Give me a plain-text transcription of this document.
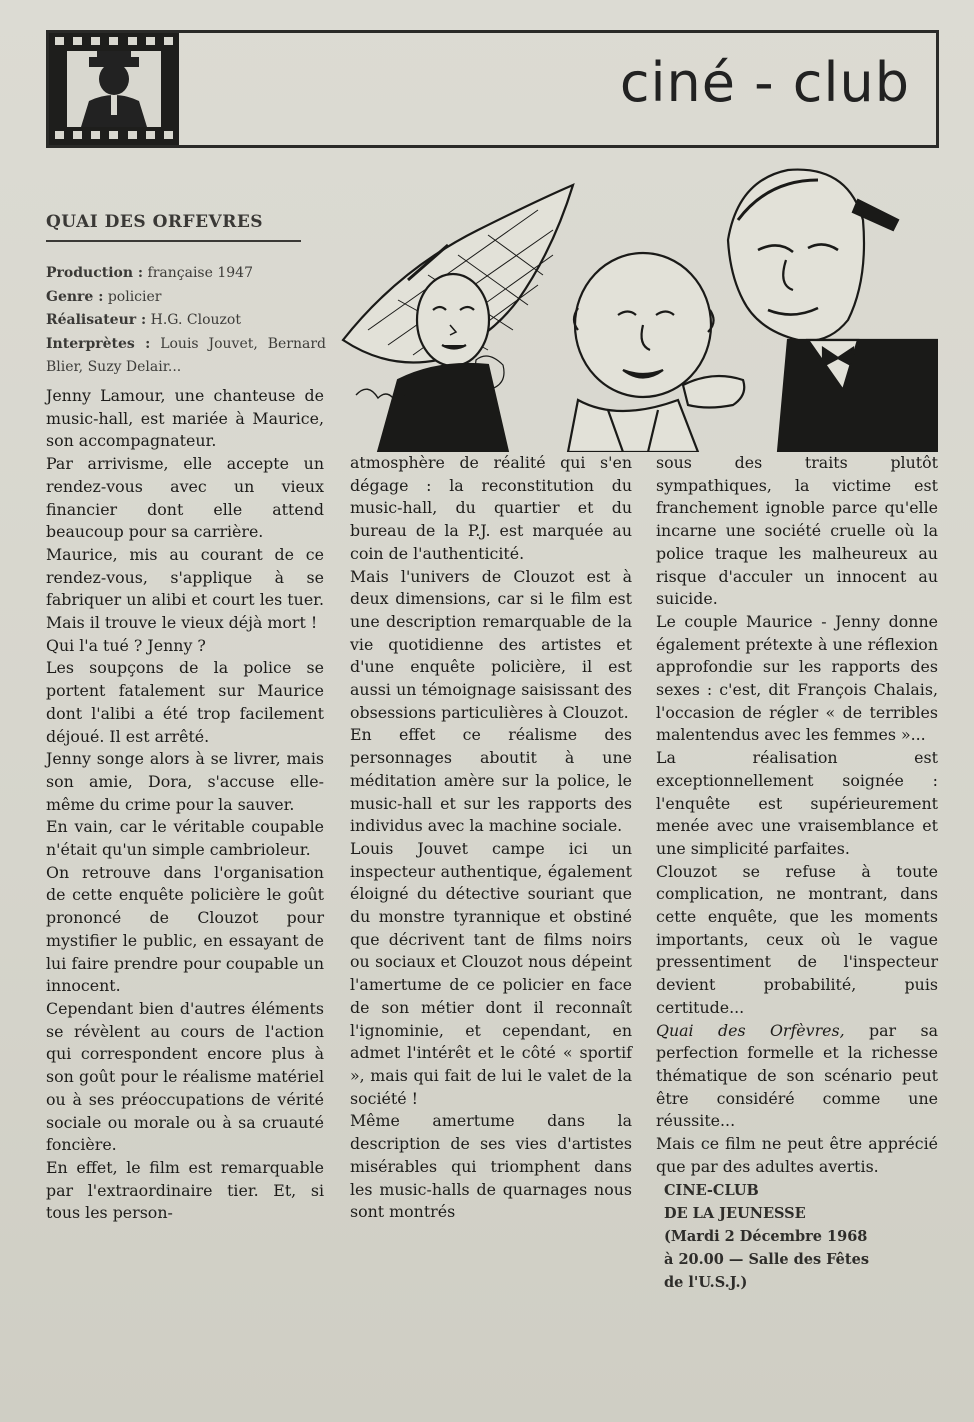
ciné - club
QUAI DES ORFEVRES
Production : française 1947
Genre : policier
Réalisateur : H.G. Clouzot
Interprètes : Louis Jouvet, Bernard Blier, Suzy Delair...

Jenny Lamour, une chanteuse de music-hall, est mariée à Maurice, son accompagnateur.

Par arrivisme, elle accepte un rendez-vous avec un vieux financier dont elle attend beaucoup pour sa carrière.

Maurice, mis au courant de ce rendez-vous, s'applique à se fabriquer un alibi et court les tuer. Mais il trouve le vieux déjà mort !

Qui l'a tué ? Jenny ?

Les soupçons de la police se portent fatalement sur Maurice dont l'alibi a été trop facilement déjoué. Il est arrêté.

Jenny songe alors à se livrer, mais son amie, Dora, s'accuse elle-même du crime pour la sauver.

En vain, car le véritable coupable n'était qu'un simple cambrioleur.

On retrouve dans l'organisation de cette enquête policière le goût prononcé de Clouzot pour mystifier le public, en essayant de lui faire prendre pour coupable un innocent.

Cependant bien d'autres éléments se révèlent au cours de l'action qui correspondent encore plus à son goût pour le réalisme matériel ou à ses préoccupations de vérité sociale ou morale ou à sa cruauté foncière.

En effet, le film est remarquable par l'extraordinaire tier. Et, si tous les person-

atmosphère de réalité qui s'en dégage : la reconstitution du music-hall, du quartier et du bureau de la P.J. est marquée au coin de l'authenticité.

Mais l'univers de Clouzot est à deux dimensions, car si le film est une description remarquable de la vie quotidienne des artistes et d'une enquête policière, il est aussi un témoignage saisissant des obsessions particulières à Clouzot.

En effet ce réalisme des personnages aboutit à une méditation amère sur la police, le music-hall et sur les rapports des individus avec la machine sociale.

Louis Jouvet campe ici un inspecteur authentique, également éloigné du détective souriant que du monstre tyrannique et obstiné que décrivent tant de films noirs ou sociaux et Clouzot nous dépeint l'amertume de ce policier en face de son métier dont il reconnaît l'ignominie, et cependant, en admet l'intérêt et le côté « sportif », mais qui fait de lui le valet de la société !

Même amertume dans la description de ses vies d'artistes misérables qui triomphent dans les music-halls de quarnages nous sont montrés

sous des traits plutôt sympathiques, la victime est franchement ignoble parce qu'elle incarne une société cruelle où la police traque les malheureux au risque d'acculer un innocent au suicide.

Le couple Maurice - Jenny donne également prétexte à une réflexion approfondie sur les rapports des sexes : c'est, dit François Chalais, l'occasion de régler « de terribles malentendus avec les femmes »...

La réalisation est exceptionnellement soignée : l'enquête est supérieurement menée avec une vraisemblance et une simplicité parfaites.

Clouzot se refuse à toute complication, ne montrant, dans cette enquête, que les moments importants, ceux où le vague pressentiment de l'inspecteur devient probabilité, puis certitude...

Quai des Orfèvres, par sa perfection formelle et la richesse thématique de son scénario peut être considéré comme une réussite...

Mais ce film ne peut être apprécié que par des adultes avertis.

CINE-CLUB
DE LA JEUNESSE
(Mardi 2 Décembre 1968
à 20.00 — Salle des Fêtes
de l'U.S.J.)
